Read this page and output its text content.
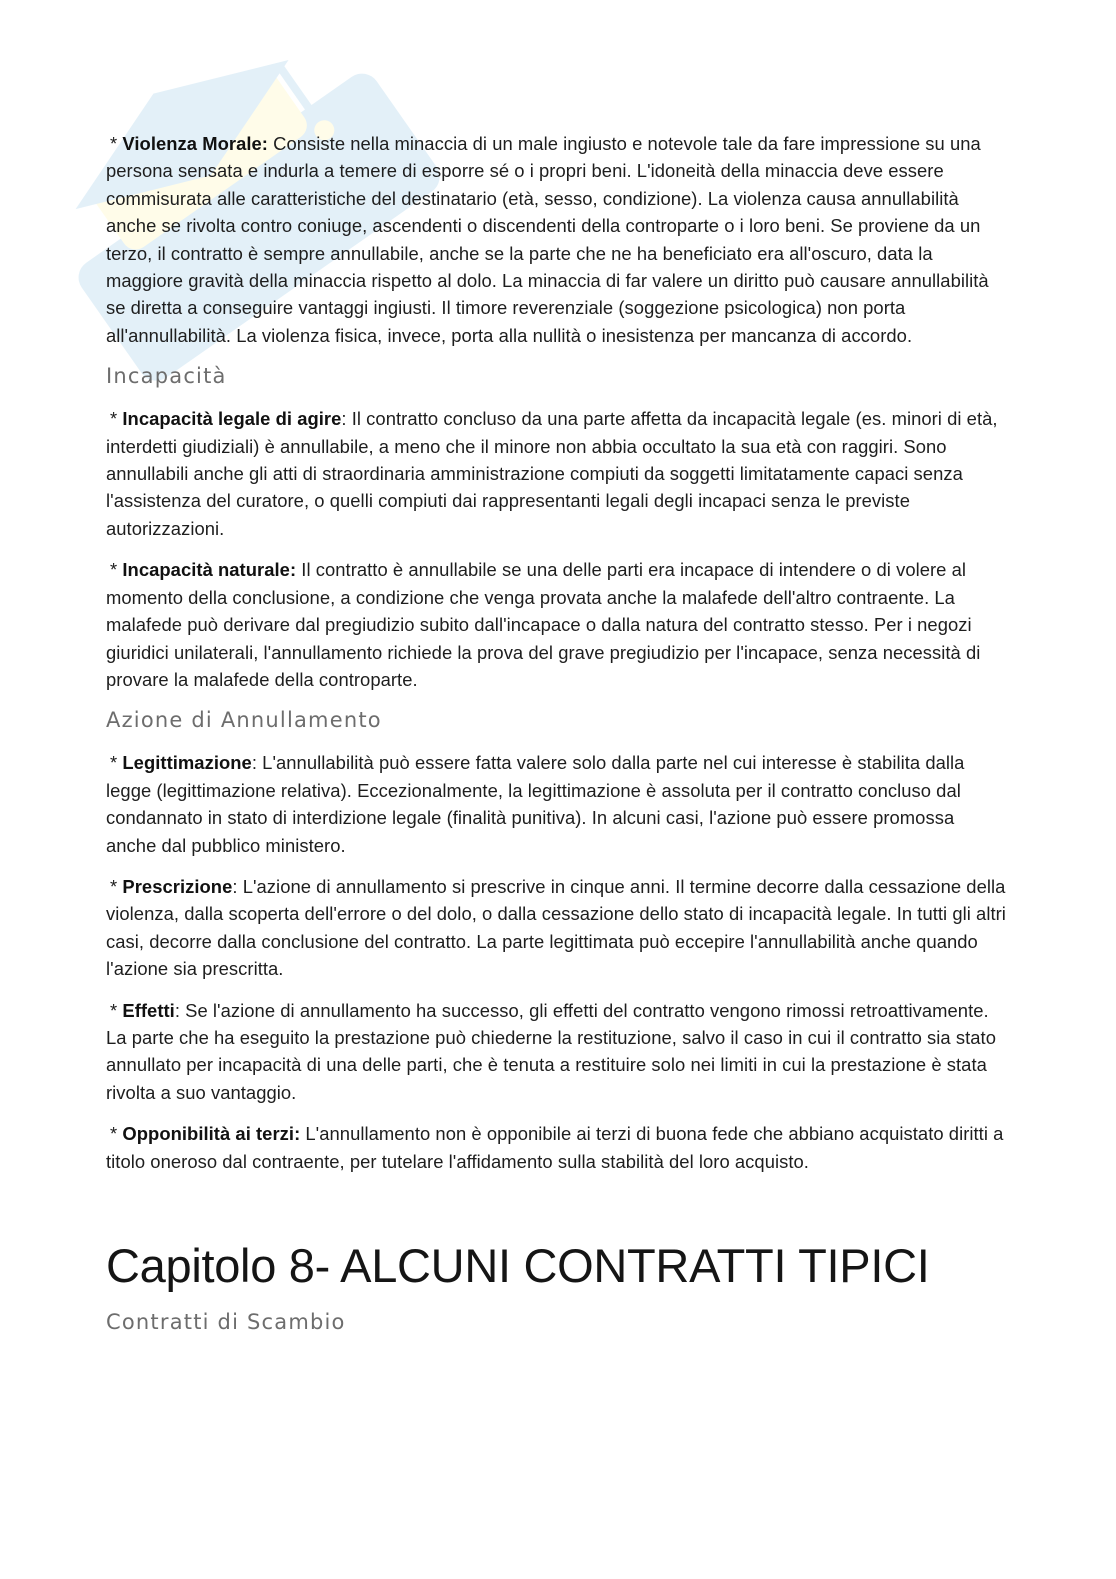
* Violenza Morale: Consiste nella minaccia di un male ingiusto e notevole tale da fare impressione su una persona sensata e indurla a temere di esporre sé o i propri beni. L'idoneità della minaccia deve essere commisurata alle caratteristiche del destinatario (età, sesso, condizione). La violenza causa annullabilità anche se rivolta contro coniuge, ascendenti o discendenti della controparte o i loro beni. Se proviene da un terzo, il contratto è sempre annullabile, anche se la parte che ne ha beneficiato era all'oscuro, data la maggiore gravità della minaccia rispetto al dolo. La minaccia di far valere un diritto può causare annullabilità se diretta a conseguire vantaggi ingiusti. Il timore reverenziale (soggezione psicologica) non porta all'annullabilità. La violenza fisica, invece, porta alla nullità o inesistenza per mancanza di accordo.

Incapacità

* Incapacità legale di agire: Il contratto concluso da una parte affetta da incapacità legale (es. minori di età, interdetti giudiziali) è annullabile, a meno che il minore non abbia occultato la sua età con raggiri. Sono annullabili anche gli atti di straordinaria amministrazione compiuti da soggetti limitatamente capaci senza l'assistenza del curatore, o quelli compiuti dai rappresentanti legali degli incapaci senza le previste autorizzazioni.

* Incapacità naturale: Il contratto è annullabile se una delle parti era incapace di intendere o di volere al momento della conclusione, a condizione che venga provata anche la malafede dell'altro contraente. La malafede può derivare dal pregiudizio subito dall'incapace o dalla natura del contratto stesso. Per i negozi giuridici unilaterali, l'annullamento richiede la prova del grave pregiudizio per l'incapace, senza necessità di provare la malafede della controparte.

Azione di Annullamento

* Legittimazione: L'annullabilità può essere fatta valere solo dalla parte nel cui interesse è stabilita dalla legge (legittimazione relativa). Eccezionalmente, la legittimazione è assoluta per il contratto concluso dal condannato in stato di interdizione legale (finalità punitiva). In alcuni casi, l'azione può essere promossa anche dal pubblico ministero.

* Prescrizione: L'azione di annullamento si prescrive in cinque anni. Il termine decorre dalla cessazione della violenza, dalla scoperta dell'errore o del dolo, o dalla cessazione dello stato di incapacità legale. In tutti gli altri casi, decorre dalla conclusione del contratto. La parte legittimata può eccepire l'annullabilità anche quando l'azione sia prescritta.

* Effetti: Se l'azione di annullamento ha successo, gli effetti del contratto vengono rimossi retroattivamente. La parte che ha eseguito la prestazione può chiederne la restituzione, salvo il caso in cui il contratto sia stato annullato per incapacità di una delle parti, che è tenuta a restituire solo nei limiti in cui la prestazione è stata rivolta a suo vantaggio.

* Opponibilità ai terzi: L'annullamento non è opponibile ai terzi di buona fede che abbiano acquistato diritti a titolo oneroso dal contraente, per tutelare l'affidamento sulla stabilità del loro acquisto.

Capitolo 8- ALCUNI CONTRATTI TIPICI
Contratti di Scambio
